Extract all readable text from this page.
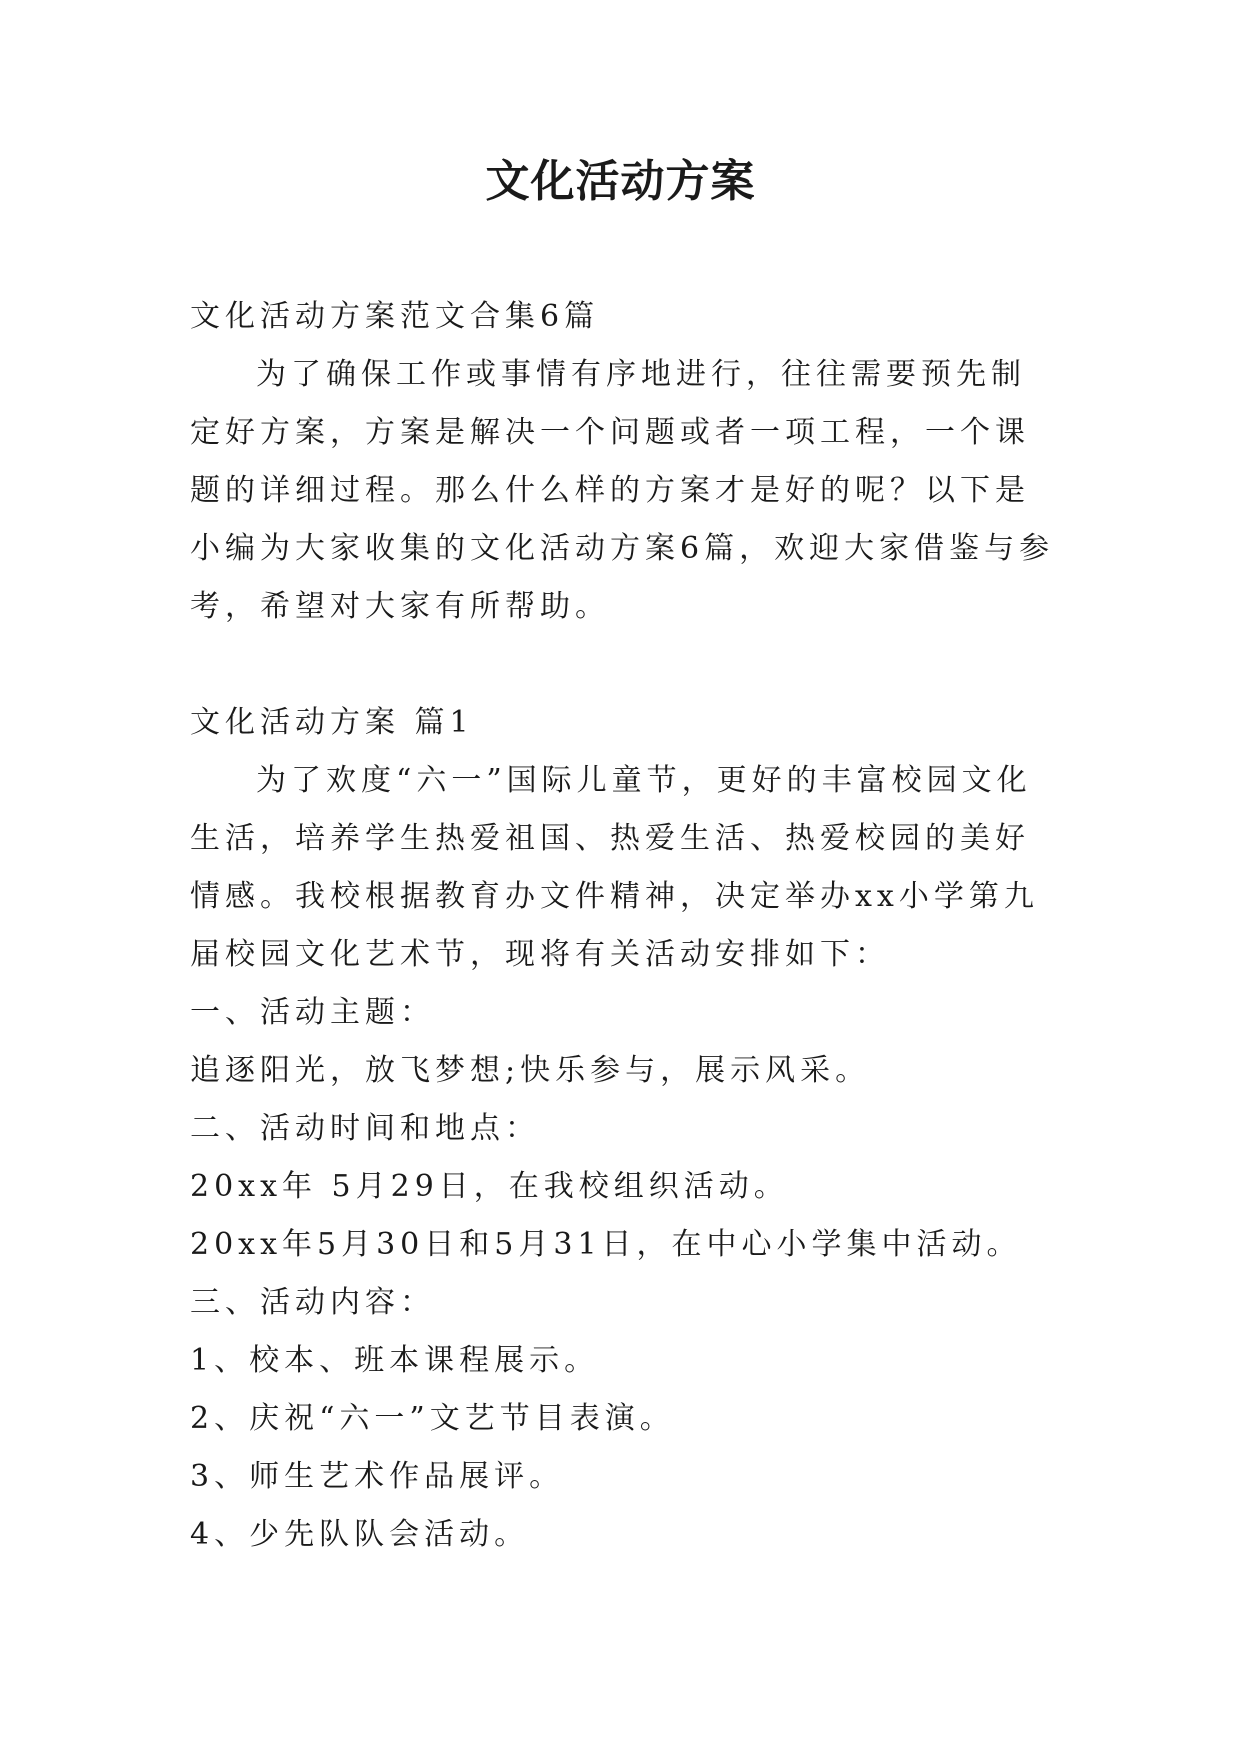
文化活动方案

文化活动方案范文合集6篇

为了确保工作或事情有序地进行，往往需要预先制定好方案，方案是解决一个问题或者一项工程，一个课题的详细过程。那么什么样的方案才是好的呢？以下是小编为大家收集的文化活动方案6篇，欢迎大家借鉴与参考，希望对大家有所帮助。

文化活动方案 篇1

为了欢度“六一”国际儿童节，更好的丰富校园文化生活，培养学生热爱祖国、热爱生活、热爱校园的美好情感。我校根据教育办文件精神，决定举办xx小学第九届校园文化艺术节，现将有关活动安排如下：

一、活动主题：

追逐阳光，放飞梦想;快乐参与，展示风采。

二、活动时间和地点：

20xx年 5月29日，在我校组织活动。

20xx年5月30日和5月31日，在中心小学集中活动。

三、活动内容：

1、校本、班本课程展示。

2、庆祝“六一”文艺节目表演。

3、师生艺术作品展评。

4、少先队队会活动。
